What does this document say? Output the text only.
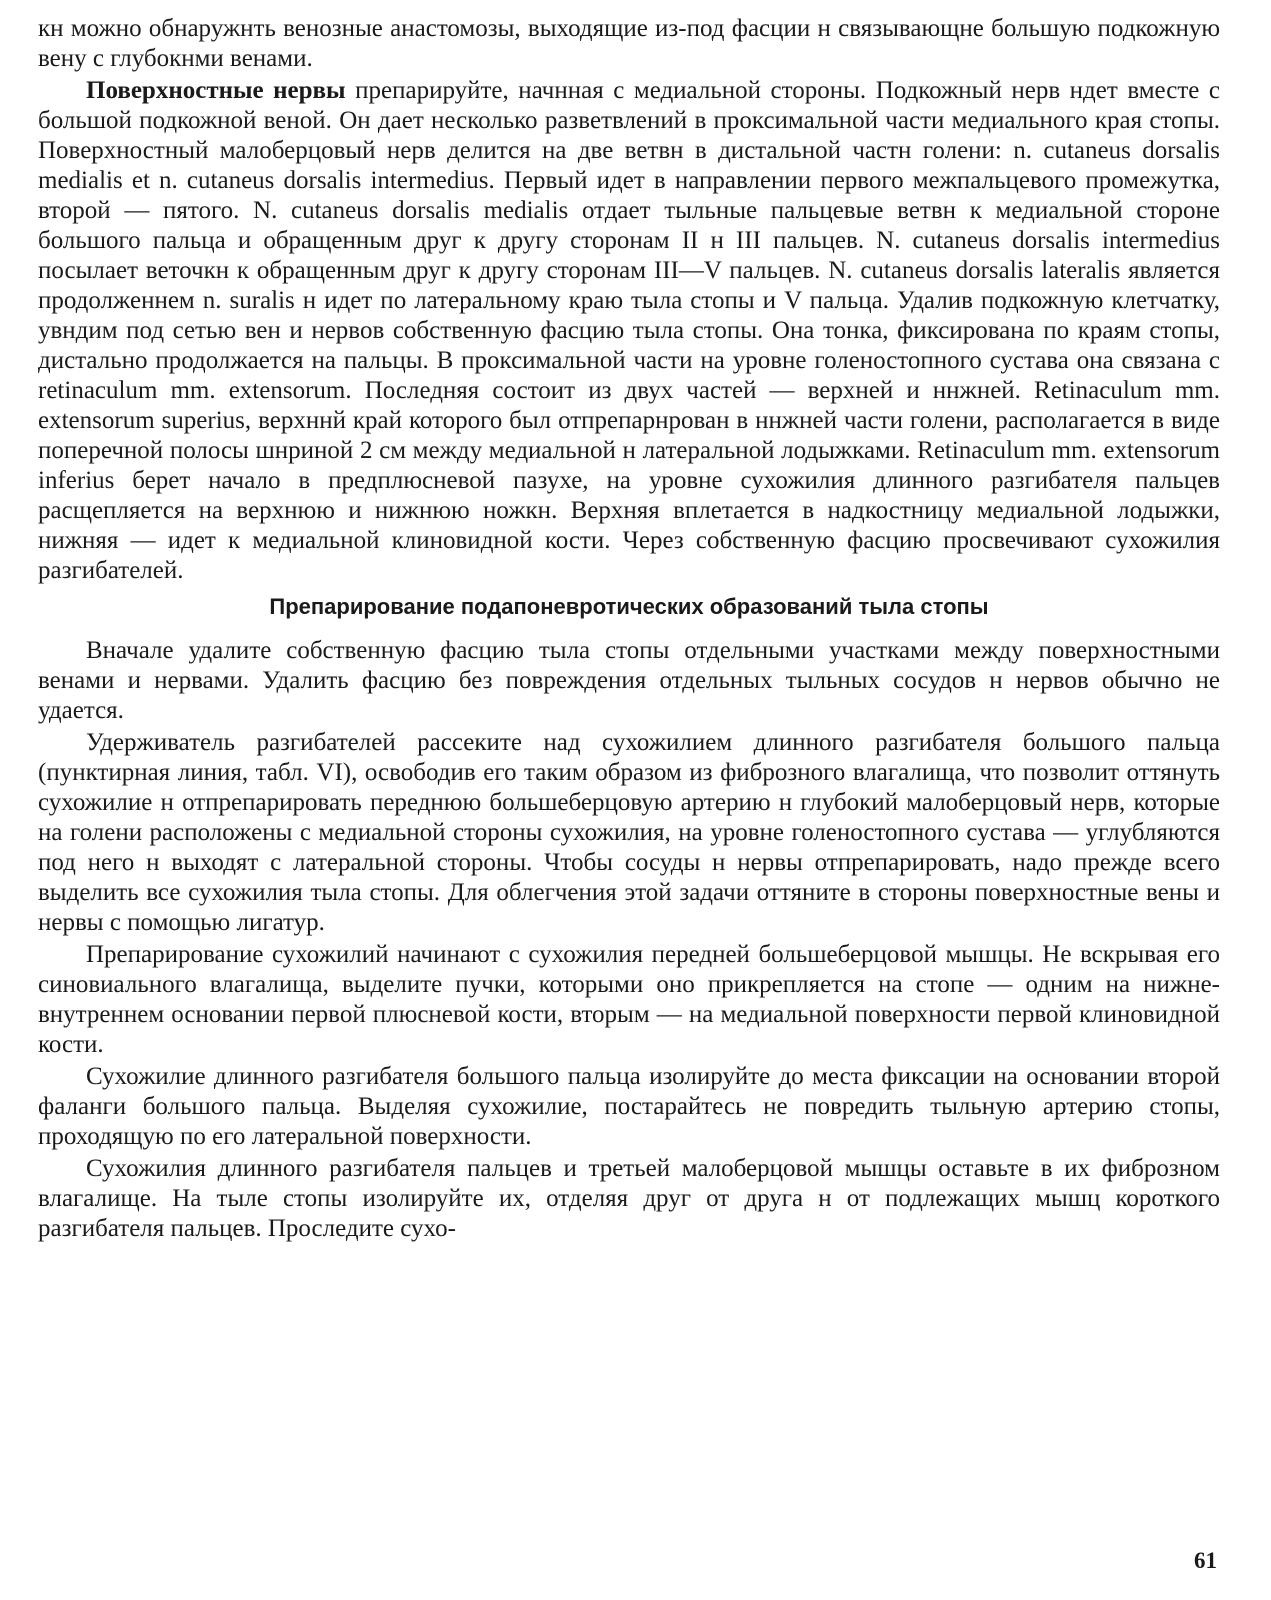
кн можно обнаружнть венозные анастомозы, выходящие из-под фасции н связывающне большую подкожную вену с глубокнми венами.

Поверхностные нервы препарируйте, начнная с медиальной стороны. Подкожный нерв ндет вместе с большой подкожной веной. Он дает несколько разветвлений в проксимальной части медиального края стопы. Поверхностный малоберцовый нерв делится на две ветвн в дистальной частн голени: n. cutaneus dorsalis medialis et n. cutaneus dorsalis intermedius. Первый идет в направлении первого межпальцевого промежутка, второй — пятого. N. cutaneus dorsalis medialis отдает тыльные пальцевые ветвн к медиальной стороне большого пальца и обращенным друг к другу сторонам II н III пальцев. N. cutaneus dorsalis intermedius посылает веточкн к обращенным друг к другу сторонам III—V пальцев. N. cutaneus dorsalis lateralis является продолженнем n. suralis н идет по латеральному краю тыла стопы и V пальца. Удалив подкожную клетчатку, увндим под сетью вен и нервов собственную фасцию тыла стопы. Она тонка, фиксирована по краям стопы, дистально продолжается на пальцы. В проксимальной части на уровне голеностопного сустава она связана с retinaculum mm. extensorum. Последняя состоит из двух частей — верхней и ннжней. Retinaculum mm. extensorum superius, верхннй край которого был отпрепарнрован в ннжней части голени, располагается в виде поперечной полосы шнриной 2 см между медиальной н латеральной лодыжками. Retinaculum mm. extensorum inferius берет начало в предплюсневой пазухе, на уровне сухожилия длинного разгибателя пальцев расщепляется на верхнюю и нижнюю ножкн. Верхняя вплетается в надкостницу медиальной лодыжки, нижняя — идет к медиальной клиновидной кости. Через собственную фасцию просвечивают сухожилия разгибателей.

Препарирование подапоневротических образований тыла стопы

Вначале удалите собственную фасцию тыла стопы отдельными участками между поверхностными венами и нервами. Удалить фасцию без повреждения отдельных тыльных сосудов н нервов обычно не удается.

Удерживатель разгибателей рассеките над сухожилием длинного разгибателя большого пальца (пунктирная линия, табл. VI), освободив его таким образом из фиброзного влагалища, что позволит оттянуть сухожилие н отпрепарировать переднюю большеберцовую артерию н глубокий малоберцовый нерв, которые на голени расположены с медиальной стороны сухожилия, на уровне голеностопного сустава — углубляются под него н выходят с латеральной стороны. Чтобы сосуды н нервы отпрепарировать, надо прежде всего выделить все сухожилия тыла стопы. Для облегчения этой задачи оттяните в стороны поверхностные вены и нервы с помощью лигатур.

Препарирование сухожилий начинают с сухожилия передней большеберцовой мышцы. Не вскрывая его синовиального влагалища, выделите пучки, которыми оно прикрепляется на стопе — одним на нижне-внутреннем основании первой плюсневой кости, вторым — на медиальной поверхности первой клиновидной кости.

Сухожилие длинного разгибателя большого пальца изолируйте до места фиксации на основании второй фаланги большого пальца. Выделяя сухожилие, постарайтесь не повредить тыльную артерию стопы, проходящую по его латеральной поверхности.

Сухожилия длинного разгибателя пальцев и третьей малоберцовой мышцы оставьте в их фиброзном влагалище. На тыле стопы изолируйте их, отделяя друг от друга н от подлежащих мышц короткого разгибателя пальцев. Проследите сухо-

61
